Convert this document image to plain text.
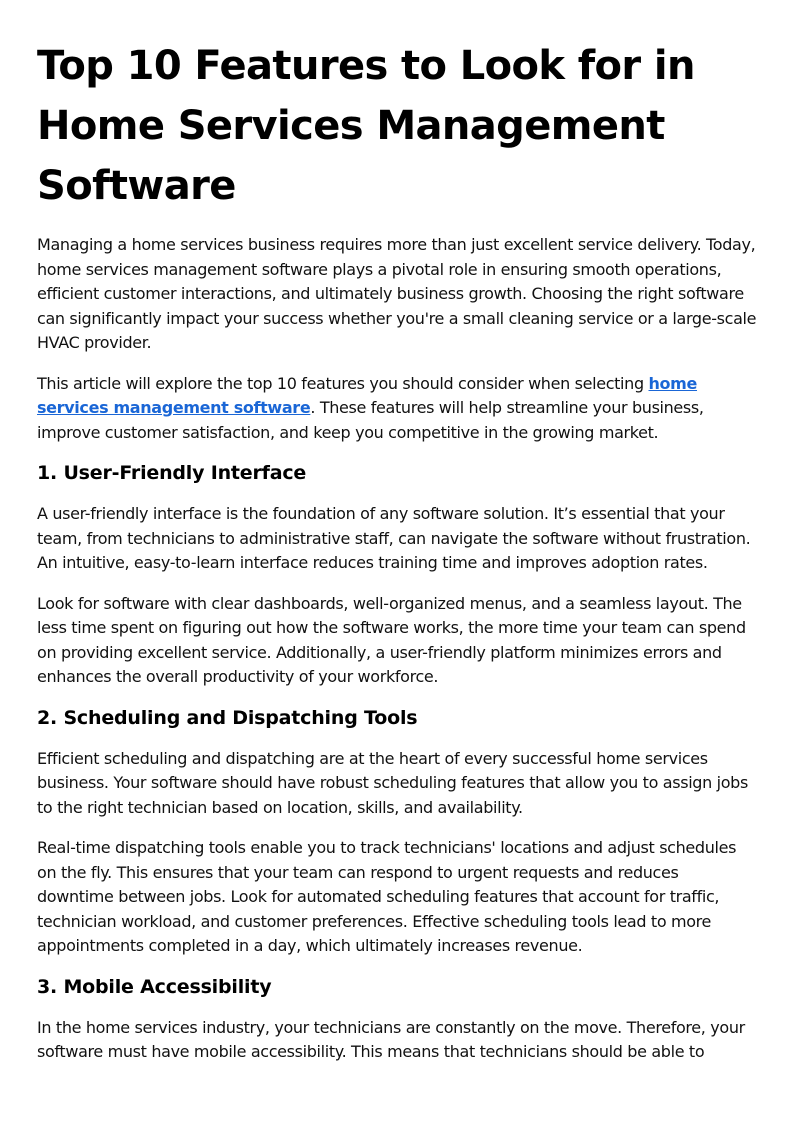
Top 10 Features to Look for in Home Services Management Software

Managing a home services business requires more than just excellent service delivery. Today, home services management software plays a pivotal role in ensuring smooth operations, efficient customer interactions, and ultimately business growth. Choosing the right software can significantly impact your success whether you're a small cleaning service or a large-scale HVAC provider.

This article will explore the top 10 features you should consider when selecting home services management software. These features will help streamline your business, improve customer satisfaction, and keep you competitive in the growing market.

1. User-Friendly Interface

A user-friendly interface is the foundation of any software solution. It’s essential that your team, from technicians to administrative staff, can navigate the software without frustration. An intuitive, easy-to-learn interface reduces training time and improves adoption rates.

Look for software with clear dashboards, well-organized menus, and a seamless layout. The less time spent on figuring out how the software works, the more time your team can spend on providing excellent service. Additionally, a user-friendly platform minimizes errors and enhances the overall productivity of your workforce.

2. Scheduling and Dispatching Tools

Efficient scheduling and dispatching are at the heart of every successful home services business. Your software should have robust scheduling features that allow you to assign jobs to the right technician based on location, skills, and availability.

Real-time dispatching tools enable you to track technicians' locations and adjust schedules on the fly. This ensures that your team can respond to urgent requests and reduces downtime between jobs. Look for automated scheduling features that account for traffic, technician workload, and customer preferences. Effective scheduling tools lead to more appointments completed in a day, which ultimately increases revenue.

3. Mobile Accessibility

In the home services industry, your technicians are constantly on the move. Therefore, your software must have mobile accessibility. This means that technicians should be able to
